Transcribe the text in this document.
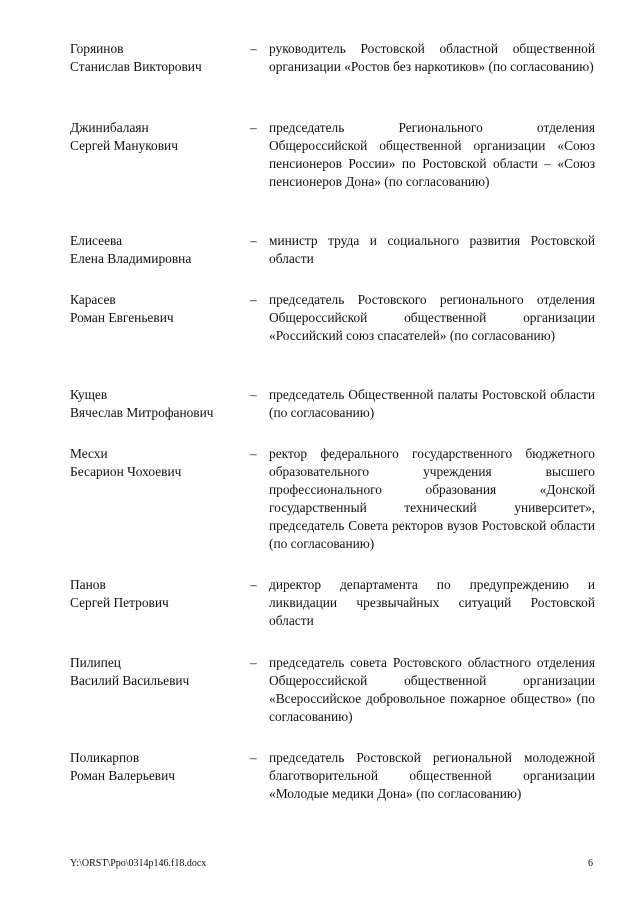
Горяинов
Станислав Викторович
– руководитель Ростовской областной общественной организации «Ростов без наркотиков» (по согласованию)
Джинибалаян
Сергей Манукович
– председатель Регионального отделения Общероссийской общественной организации «Союз пенсионеров России» по Ростовской области – «Союз пенсионеров Дона» (по согласованию)
Елисеева
Елена Владимировна
– министр труда и социального развития Ростовской области
Карасев
Роман Евгеньевич
– председатель Ростовского регионального отделения Общероссийской общественной организации «Российский союз спасателей» (по согласованию)
Кущев
Вячеслав Митрофанович
– председатель Общественной палаты Ростовской области (по согласованию)
Месхи
Бесарион Чохоевич
– ректор федерального государственного бюджетного образовательного учреждения высшего профессионального образования «Донской государственный технический университет», председатель Совета ректоров вузов Ростовской области (по согласованию)
Панов
Сергей Петрович
– директор департамента по предупреждению и ликвидации чрезвычайных ситуаций Ростовской области
Пилипец
Василий Васильевич
– председатель совета Ростовского областного отделения Общероссийской общественной организации «Всероссийское добровольное пожарное общество» (по согласованию)
Поликарпов
Роман Валерьевич
– председатель Ростовской региональной молодежной благотворительной общественной организации «Молодые медики Дона» (по согласованию)
Y:\ORST\Ppo\0314p146.f18.docx	6
